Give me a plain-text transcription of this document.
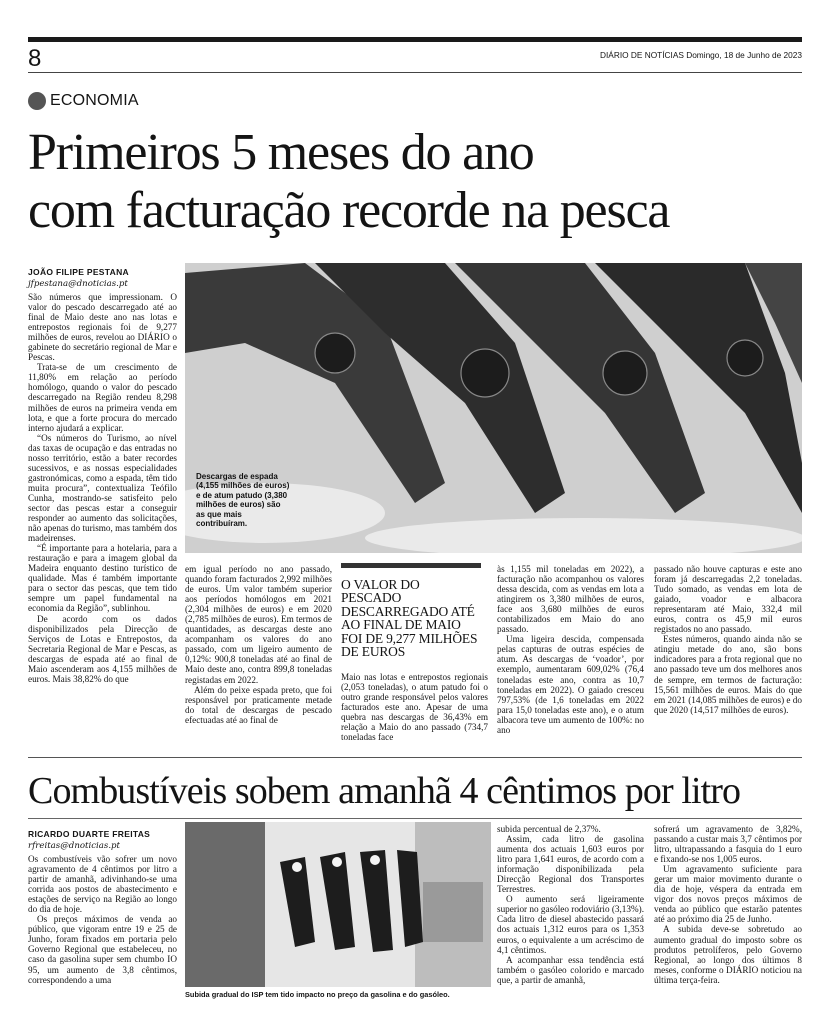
8	DIÁRIO DE NOTÍCIAS Domingo, 18 de Junho de 2023
ECONOMIA
Primeiros 5 meses do ano
com facturação recorde na pesca
JOÃO FILIPE PESTANA
jfpestana@dnoticias.pt

São números que impressionam. O valor do pescado descarregado até ao final de Maio deste ano nas lotas e entrepostos regionais foi de 9,277 milhões de euros, revelou ao DIÁRIO o gabinete do secretário regional de Mar e Pescas.

Trata-se de um crescimento de 11,80% em relação ao período homólogo, quando o valor do pescado descarregado na Região rendeu 8,298 milhões de euros na primeira venda em lota, e que a forte procura do mercado interno ajudará a explicar.

“Os números do Turismo, ao nível das taxas de ocupação e das entradas no nosso território, estão a bater recordes sucessivos, e as nossas especialidades gastronómicas, como a espada, têm tido muita procura”, contextualiza Teófilo Cunha, mostrando-se satisfeito pelo sector das pescas estar a conseguir responder ao aumento das solicitações, não apenas do turismo, mas também dos madeirenses.

“É importante para a hotelaria, para a restauração e para a imagem global da Madeira enquanto destino turístico de qualidade. Mas é também importante para o sector das pescas, que tem tido sempre um papel fundamental na economia da Região”, sublinhou.

De acordo com os dados disponibilizados pela Direcção de Serviços de Lotas e Entrepostos, da Secretaria Regional de Mar e Pescas, as descargas de espada até ao final de Maio ascenderam aos 4,155 milhões de euros. Mais 38,82% do que

Descargas de espada (4,155 milhões de euros) e de atum patudo (3,380 milhões de euros) são as que mais contribuíram.

em igual período no ano passado, quando foram facturados 2,992 milhões de euros. Um valor também superior aos períodos homólogos em 2021 (2,304 milhões de euros) e em 2020 (2,785 milhões de euros). Em termos de quantidades, as descargas deste ano acompanham os valores do ano passado, com um ligeiro aumento de 0,12%: 900,8 toneladas até ao final de Maio deste ano, contra 899,8 toneladas registadas em 2022.

Além do peixe espada preto, que foi responsável por praticamente metade do total de descargas de pescado efectuadas até ao final de

O VALOR DO PESCADO DESCARREGADO ATÉ AO FINAL DE MAIO FOI DE 9,277 MILHÕES DE EUROS

Maio nas lotas e entrepostos regionais (2,053 toneladas), o atum patudo foi o outro grande responsável pelos valores facturados este ano. Apesar de uma quebra nas descargas de 36,43% em relação a Maio do ano passado (734,7 toneladas face

às 1,155 mil toneladas em 2022), a facturação não acompanhou os valores dessa descida, com as vendas em lota a atingirem os 3,380 milhões de euros, face aos 3,680 milhões de euros contabilizados em Maio do ano passado.

Uma ligeira descida, compensada pelas capturas de outras espécies de atum. As descargas de ‘voador’, por exemplo, aumentaram 609,02% (76,4 toneladas este ano, contra as 10,7 toneladas em 2022). O gaiado cresceu 797,53% (de 1,6 toneladas em 2022 para 15,0 toneladas este ano), e o atum albacora teve um aumento de 100%: no ano

passado não houve capturas e este ano foram já descarregadas 2,2 toneladas. Tudo somado, as vendas em lota de gaiado, voador e albacora representaram até Maio, 332,4 mil euros, contra os 45,9 mil euros registados no ano passado.

Estes números, quando ainda não se atingiu metade do ano, são bons indicadores para a frota regional que no ano passado teve um dos melhores anos de sempre, em termos de facturação: 15,561 milhões de euros. Mais do que em 2021 (14,085 milhões de euros) e do que 2020 (14,517 milhões de euros).

Combustíveis sobem amanhã 4 cêntimos por litro
RICARDO DUARTE FREITAS
rfreitas@dnoticias.pt

Os combustíveis vão sofrer um novo agravamento de 4 cêntimos por litro a partir de amanhã, adivinhando-se uma corrida aos postos de abastecimento e estações de serviço na Região ao longo do dia de hoje.

Os preços máximos de venda ao público, que vigoram entre 19 e 25 de Junho, foram fixados em portaria pelo Governo Regional que estabeleceu, no caso da gasolina super sem chumbo IO 95, um aumento de 3,8 cêntimos, correspondendo a uma

Subida gradual do ISP tem tido impacto no preço da gasolina e do gasóleo.

subida percentual de 2,37%.

Assim, cada litro de gasolina aumenta dos actuais 1,603 euros por litro para 1,641 euros, de acordo com a informação disponibilizada pela Direcção Regional dos Transportes Terrestres.

O aumento será ligeiramente superior no gasóleo rodoviário (3,13%). Cada litro de diesel abastecido passará dos actuais 1,312 euros para os 1,353 euros, o equivalente a um acréscimo de 4,1 cêntimos.

A acompanhar essa tendência está também o gasóleo colorido e marcado que, a partir de amanhã,

sofrerá um agravamento de 3,82%, passando a custar mais 3,7 cêntimos por litro, ultrapassando a fasquia do 1 euro e fixando-se nos 1,005 euros.

Um agravamento suficiente para gerar um maior movimento durante o dia de hoje, véspera da entrada em vigor dos novos preços máximos de venda ao público que estarão patentes até ao próximo dia 25 de Junho.

A subida deve-se sobretudo ao aumento gradual do imposto sobre os produtos petrolíferos, pelo Governo Regional, ao longo dos últimos 8 meses, conforme o DIÁRIO noticiou na última terça-feira.
